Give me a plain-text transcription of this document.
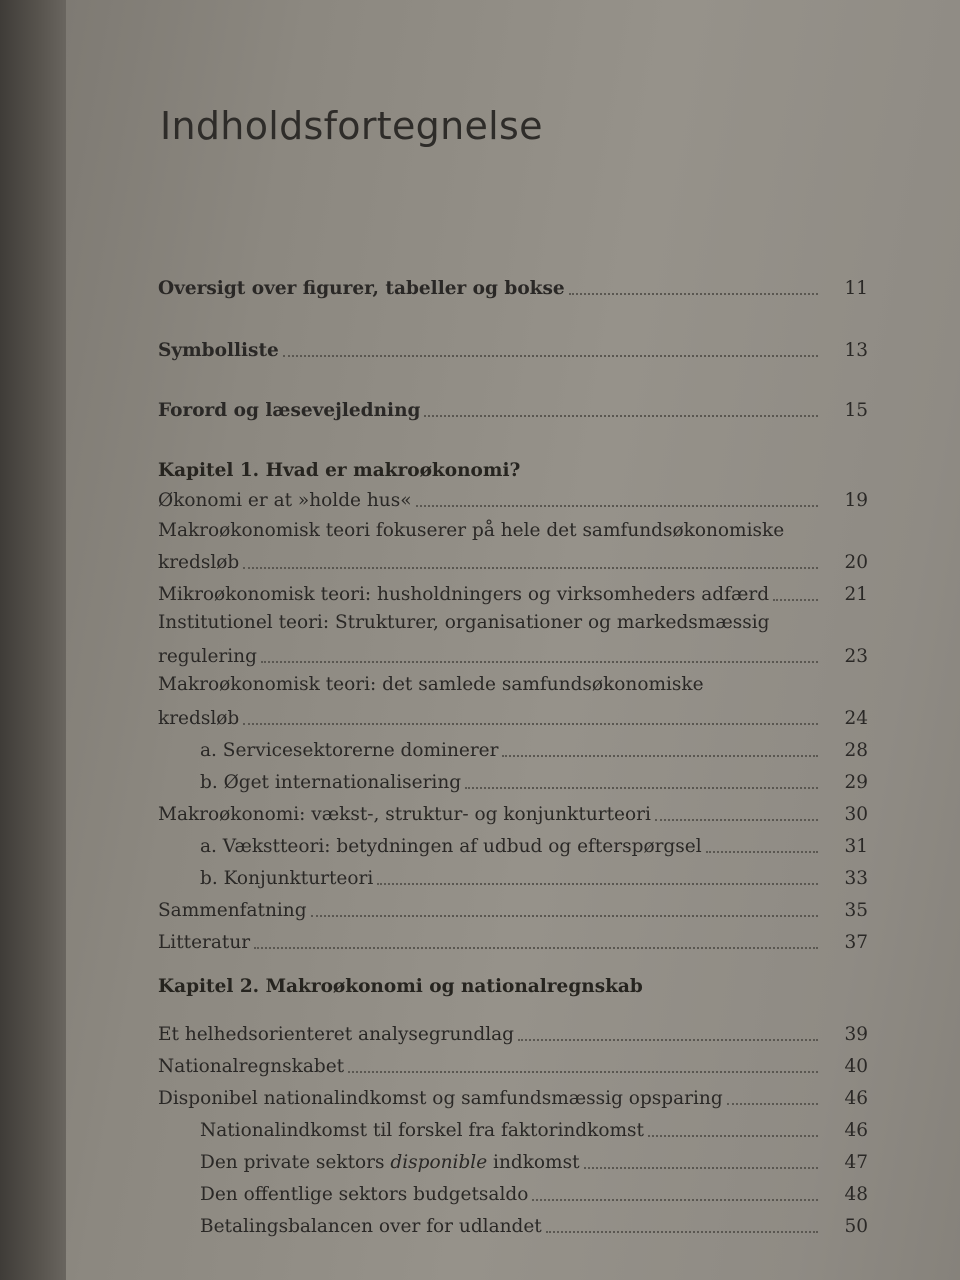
Indholdsfortegnelse
Oversigt over figurer, tabeller og bokse	11
Symbolliste	13
Forord og læsevejledning	15
Kapitel 1. Hvad er makroøkonomi?
Økonomi er at »holde hus«	19
Makroøkonomisk teori fokuserer på hele det samfundsøkonomiske
kredsløb	20
Mikroøkonomisk teori: husholdningers og virksomheders adfærd	21
Institutionel teori: Strukturer, organisationer og markedsmæssig
regulering	23
Makroøkonomisk teori: det samlede samfundsøkonomiske
kredsløb	24
a. Servicesektorerne dominerer	28
b. Øget internationalisering	29
Makroøkonomi: vækst-, struktur- og konjunkturteori	30
a. Vækstteori: betydningen af udbud og efterspørgsel	31
b. Konjunkturteori	33
Sammenfatning	35
Litteratur	37
Kapitel 2. Makroøkonomi og nationalregnskab
Et helhedsorienteret analysegrundlag	39
Nationalregnskabet	40
Disponibel nationalindkomst og samfundsmæssig opsparing	46
Nationalindkomst til forskel fra faktorindkomst	46
Den private sektors disponible indkomst	47
Den offentlige sektors budgetsaldo	48
Betalingsbalancen over for udlandet	50
